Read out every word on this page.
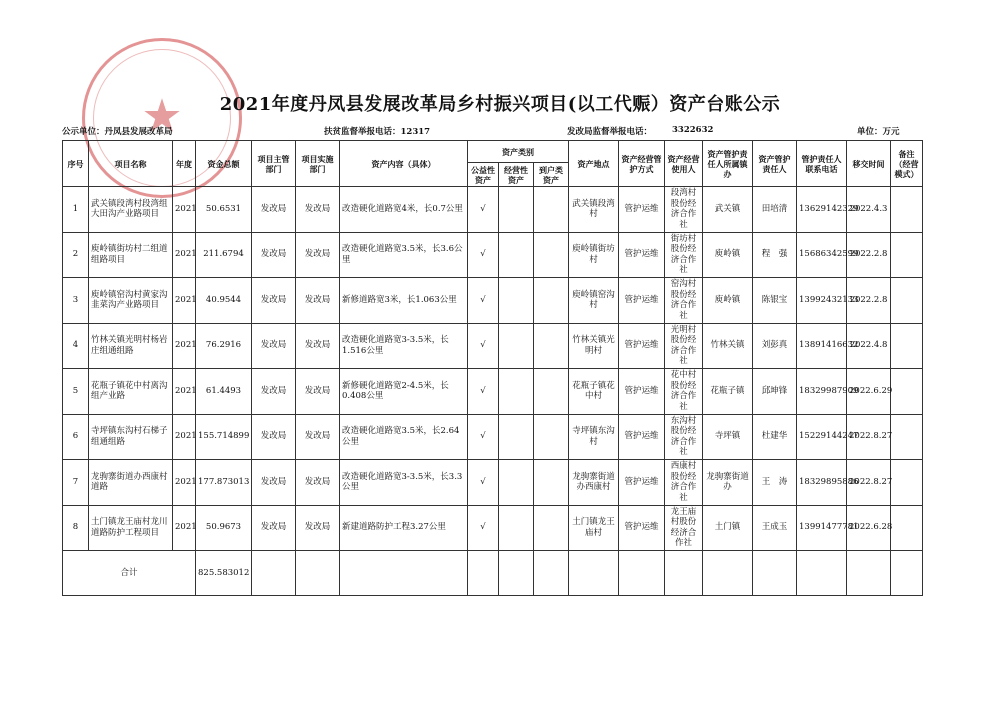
★	2021年度丹凤县发展改革局乡村振兴项目(以工代赈）资产台账公示
公示单位：丹凤县发展改革局	扶贫监督举报电话：12317	发改局监督举报电话： 3322632	单位：万元
序号	项目名称	年度	资金总额	项目主管部门	项目实施部门	资产内容（具体）	资产类别			资产地点	资产经营管护方式	资产经营使用人	资产管护责任人所属镇办	资产管护责任人	管护责任人联系电话	移交时间	备注（经营模式）
							公益性资产	经营性资产	到户类资产								
1	武关镇段湾村段湾组大田沟产业路项目	2021	50.6531	发改局	发改局	改造硬化道路宽4米，长0.7公里	√			武关镇段湾村	管护运维	段湾村股份经济合作社	武关镇	田培清	13629142329	2022.4.3	
2	庾岭镇街坊村二组道组路项目	2021	211.6794	发改局	发改局	改造硬化道路宽3.5米，长3.6公里	√			庾岭镇街坊村	管护运维	街坊村股份经济合作社	庾岭镇	程　强	15686342599	2022.2.8	
3	庾岭镇窑沟村黄家沟韭菜沟产业路项目	2021	40.9544	发改局	发改局	新修道路宽3米，长1.063公里	√			庾岭镇窑沟村	管护运维	窑沟村股份经济合作社	庾岭镇	陈银宝	13992432133	2022.2.8	
4	竹林关镇光明村杨岩庄组通组路	2021	76.2916	发改局	发改局	改造硬化道路宽3-3.5米，长1.516公里	√			竹林关镇光明村	管护运维	光明村股份经济合作社	竹林关镇	刘彭真	13891416632	2022.4.8	
5	花瓶子镇花中村离沟组产业路	2021	61.4493	发改局	发改局	新修硬化道路宽2-4.5米，长0.408公里	√			花瓶子镇花中村	管护运维	花中村股份经济合作社	花瓶子镇	邱坤锋	18329987909	2022.6.29	
6	寺坪镇东沟村石梯子组通组路	2021	155.714899	发改局	发改局	改造硬化道路宽3.5米，长2.64公里	√			寺坪镇东沟村	管护运维	东沟村股份经济合作社	寺坪镇	杜建华	15229144247	2022.8.27	
7	龙驹寨街道办西康村道路	2021	177.873013	发改局	发改局	改造硬化道路宽3-3.5米，长3.3公里	√			龙驹寨街道办西康村	管护运维	西康村股份经济合作社	龙驹寨街道办	王　涛	18329895886	2022.8.27	
8	土门镇龙王庙村龙川道路防护工程项目	2021	50.9673	发改局	发改局	新建道路防护工程3.27公里	√			土门镇龙王庙村	管护运维	龙王庙村股份经济合作社	土门镇	王成玉	13991477781	2022.6.28	
合计			825.583012														
